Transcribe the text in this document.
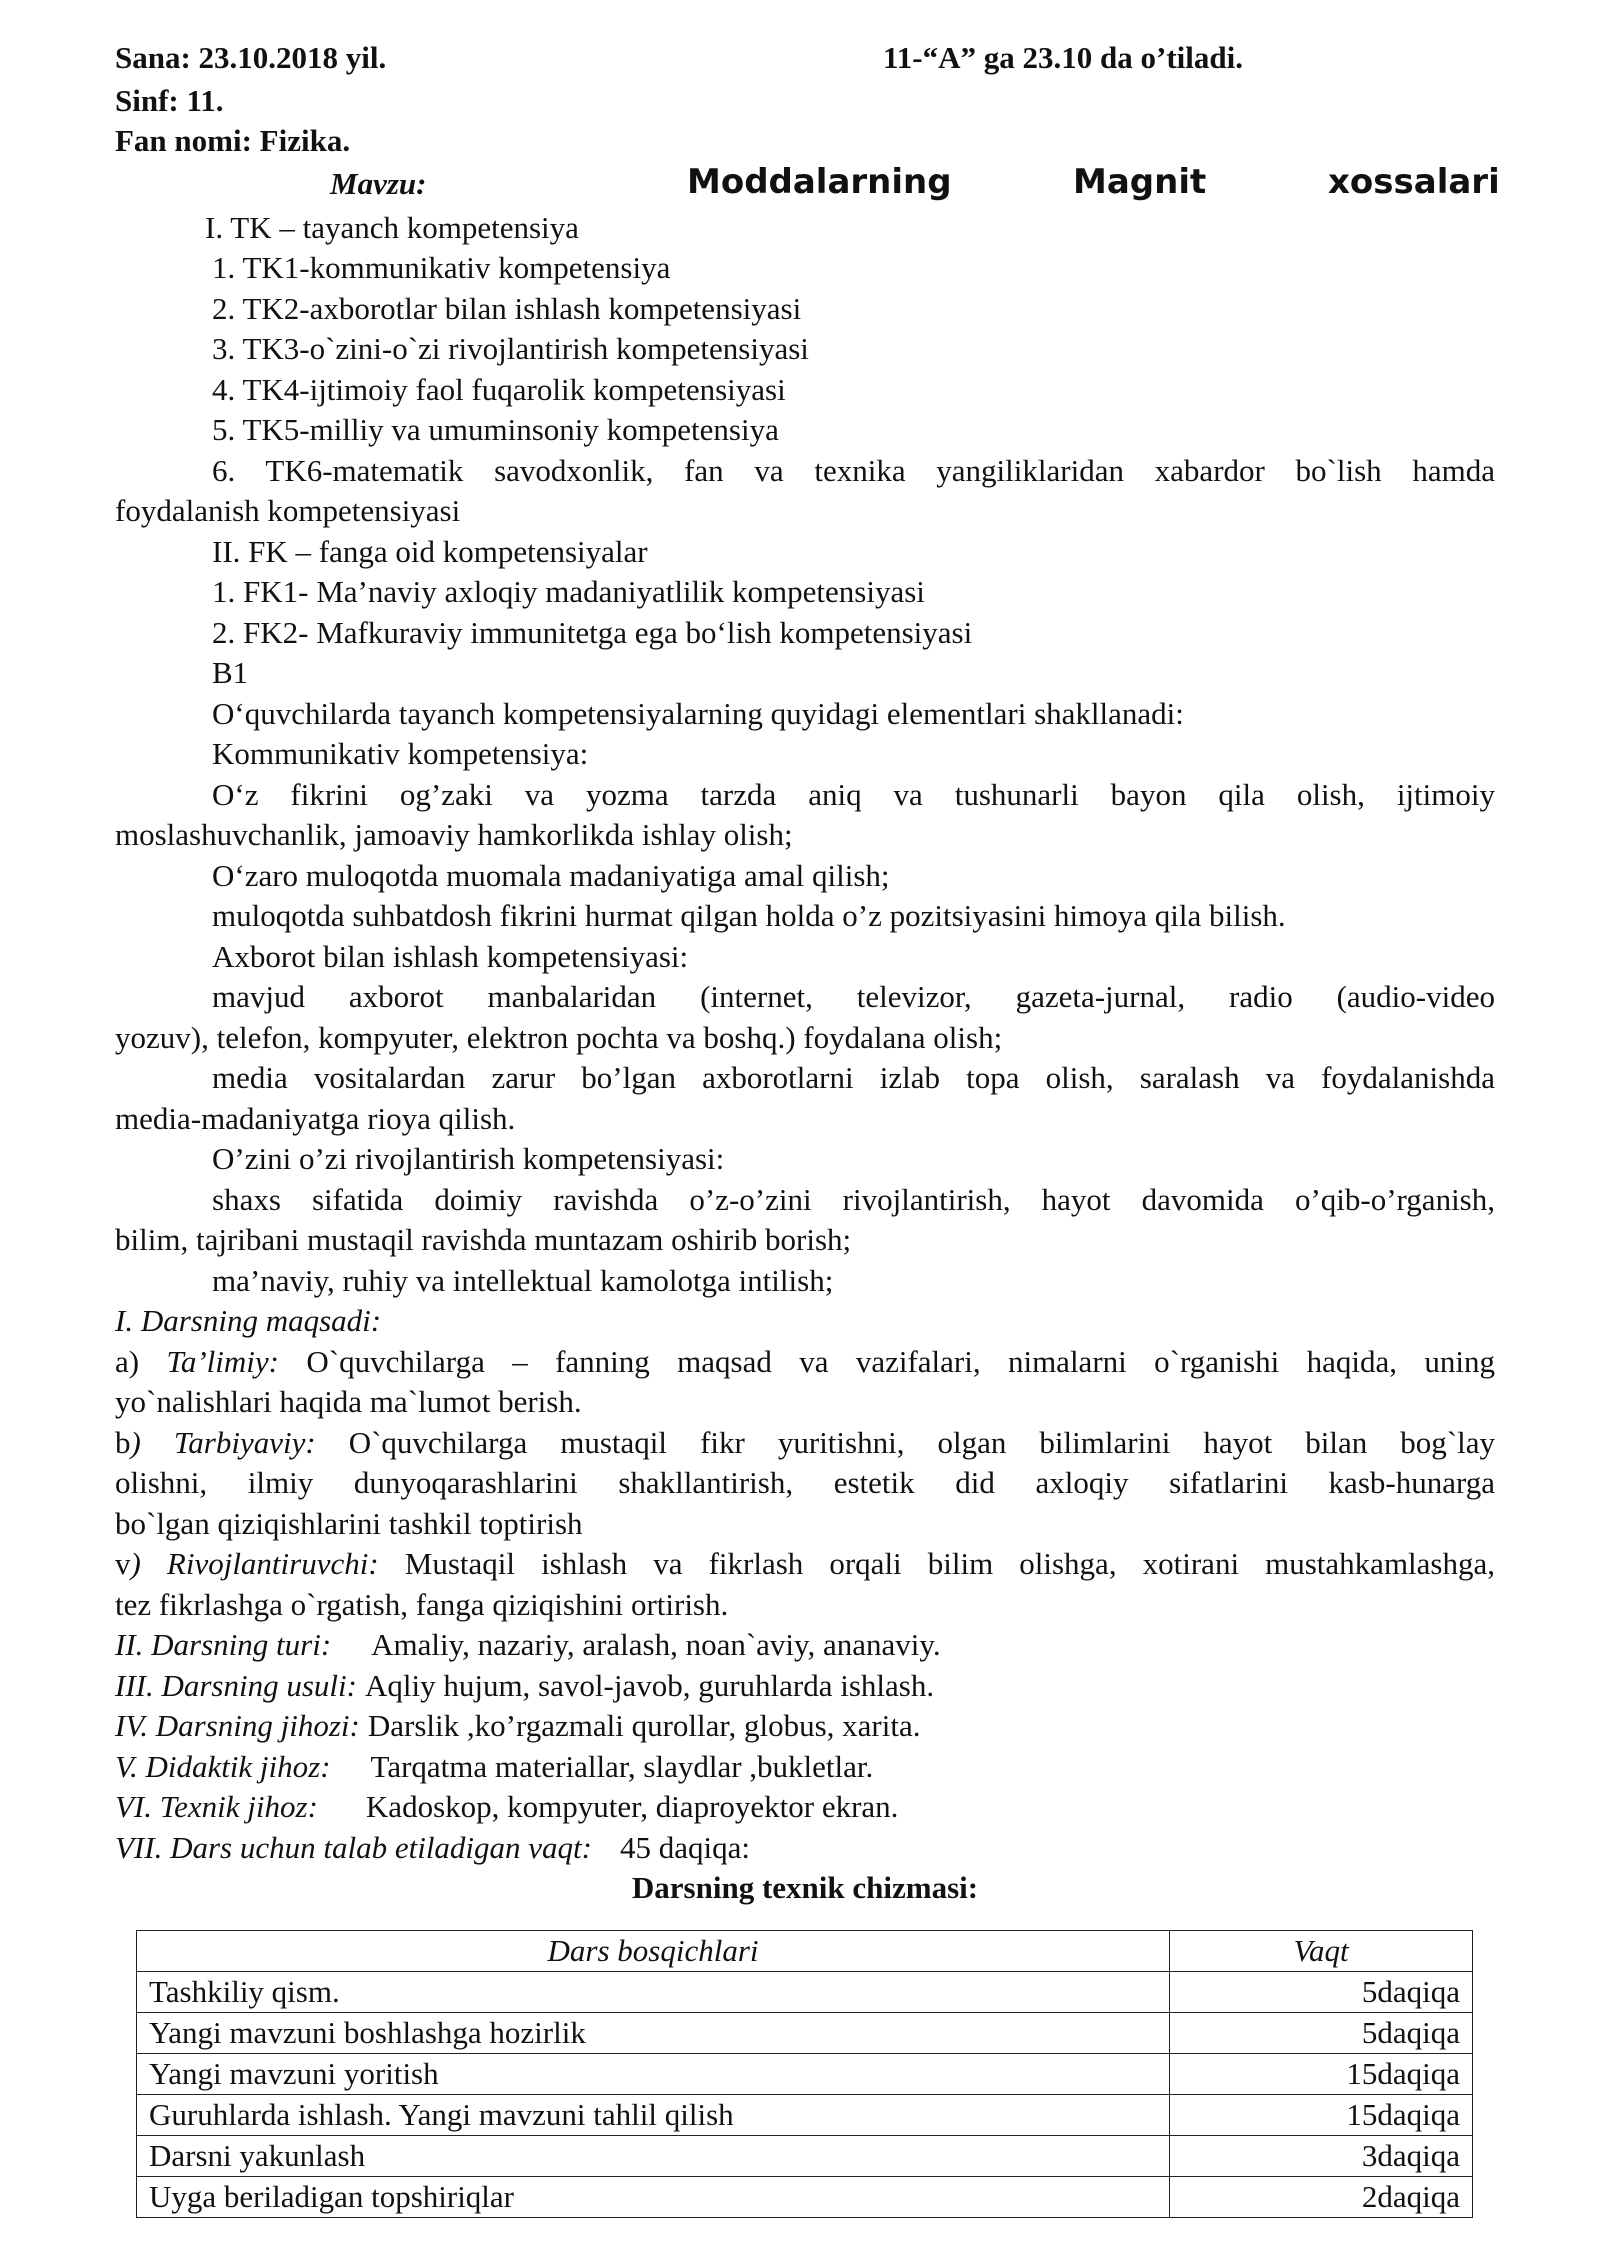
Sana: 23.10.2018 yil.	11-“A” ga 23.10 da o’tiladi.
Sinf: 11.
Fan nomi: Fizika.
Mavzu:	Moddalarning	Magnit	xossalari
I. TK – tayanch kompetensiya
1. TK1-kommunikativ kompetensiya
2. TK2-axborotlar bilan ishlash kompetensiyasi
3. TK3-o`zini-o`zi rivojlantirish kompetensiyasi
4. TK4-ijtimoiy faol fuqarolik kompetensiyasi
5. TK5-milliy va umuminsoniy kompetensiya
6. TK6-matematik savodxonlik, fan va texnika yangiliklaridan xabardor bo`lish hamda
foydalanish kompetensiyasi
II. FK – fanga oid kompetensiyalar
1. FK1- Ma’naviy axloqiy madaniyatlilik kompetensiyasi
2. FK2- Mafkuraviy immunitetga ega bo‘lish kompetensiyasi
B1
O‘quvchilarda tayanch kompetensiyalarning quyidagi elementlari shakllanadi:
Kommunikativ kompetensiya:
O‘z fikrini og’zaki va yozma tarzda aniq va tushunarli bayon qila olish, ijtimoiy
moslashuvchanlik, jamoaviy hamkorlikda ishlay olish;
O‘zaro muloqotda muomala madaniyatiga amal qilish;
muloqotda suhbatdosh fikrini hurmat qilgan holda o’z pozitsiyasini himoya qila bilish.
Axborot bilan ishlash kompetensiyasi:
mavjud axborot manbalaridan (internet, televizor, gazeta-jurnal, radio (audio-video
yozuv), telefon, kompyuter, elektron pochta va boshq.) foydalana olish;
media vositalardan zarur bo’lgan axborotlarni izlab topa olish, saralash va foydalanishda
media-madaniyatga rioya qilish.
O’zini o’zi rivojlantirish kompetensiyasi:
shaxs sifatida doimiy ravishda o’z-o’zini rivojlantirish, hayot davomida o’qib-o’rganish,
bilim, tajribani mustaqil ravishda muntazam oshirib borish;
ma’naviy, ruhiy va intellektual kamolotga intilish;
I. Darsning maqsadi:
a) Ta’limiy: O`quvchilarga – fanning maqsad va vazifalari, nimalarni o`rganishi haqida, uning
yo`nalishlari haqida ma`lumot berish.
b) Tarbiyaviy: O`quvchilarga mustaqil fikr yuritishni, olgan bilimlarini hayot bilan bog`lay
olishni, ilmiy dunyoqarashlarini shakllantirish, estetik did axloqiy sifatlarini kasb-hunarga
bo`lgan qiziqishlarini tashkil toptirish
v) Rivojlantiruvchi: Mustaqil ishlash va fikrlash orqali bilim olishga, xotirani mustahkamlashga,
tez fikrlashga o`rgatish, fanga qiziqishini ortirish.
II. Darsning turi: Amaliy, nazariy, aralash, noan`aviy, ananaviy.
III. Darsning usuli: Aqliy hujum, savol-javob, guruhlarda ishlash.
IV. Darsning jihozi: Darslik ,ko’rgazmali qurollar, globus, xarita.
V. Didaktik jihoz: Tarqatma materiallar, slaydlar ,bukletlar.
VI. Texnik jihoz: Kadoskop, kompyuter, diaproyektor ekran.
VII. Dars uchun talab etiladigan vaqt: 45 daqiqa:
Darsning texnik chizmasi:
Dars bosqichlari	Vaqt
Tashkiliy qism.	5daqiqa
Yangi mavzuni boshlashga hozirlik	5daqiqa
Yangi mavzuni yoritish	15daqiqa
Guruhlarda ishlash. Yangi mavzuni tahlil qilish	15daqiqa
Darsni yakunlash	3daqiqa
Uyga beriladigan topshiriqlar	2daqiqa
